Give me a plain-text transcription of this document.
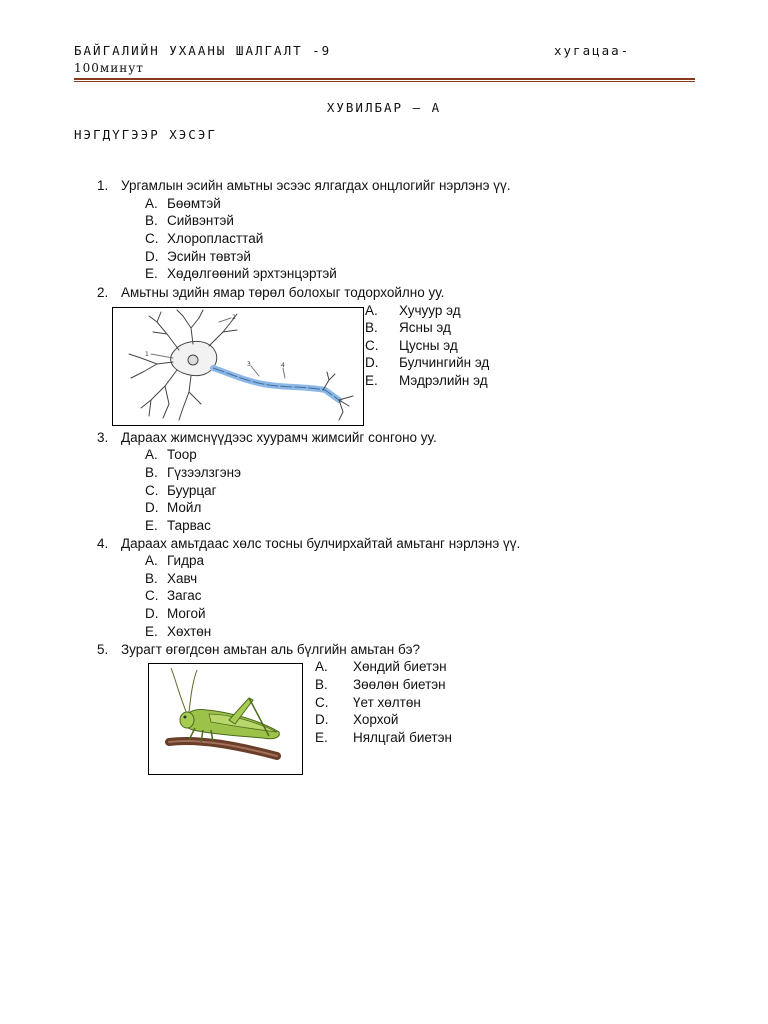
БАЙГАЛИЙН УХААНЫ ШАЛГАЛТ -9	хугацаа-
100минут
ХУВИЛБАР – А
НЭГДҮГЭЭР ХЭСЭГ
1. Ургамлын эсийн амьтны эсээс ялгагдах онцлогийг нэрлэнэ үү.
A. Бөөмтэй
B. Сийвэнтэй
C. Хлоропласттай
D. Эсийн төвтэй
E. Хөдөлгөөний эрхтэнцэртэй
2. Амьтны эдийн ямар төрөл болохыг тодорхойлно уу.
1
2
3	4
A. Хучуур эд
B. Ясны эд
C. Цусны эд
D. Булчингийн эд
E. Мэдрэлийн эд
3. Дараах жимснүүдээс хуурамч жимсийг сонгоно уу.
A. Тоор
B. Гүзээлзгэнэ
C. Буурцаг
D. Мойл
E. Тарвас
4. Дараах амьтдаас хөлс тосны булчирхайтай амьтанг нэрлэнэ үү.
A. Гидра
B. Хавч
C. Загас
D. Могой
E. Хөхтөн
5. Зурагт өгөгдсөн амьтан аль бүлгийн амьтан бэ?
A. Хөндий биетэн
B. Зөөлөн биетэн
C. Үет хөлтөн
D. Хорхой
E. Нялцгай биетэн
